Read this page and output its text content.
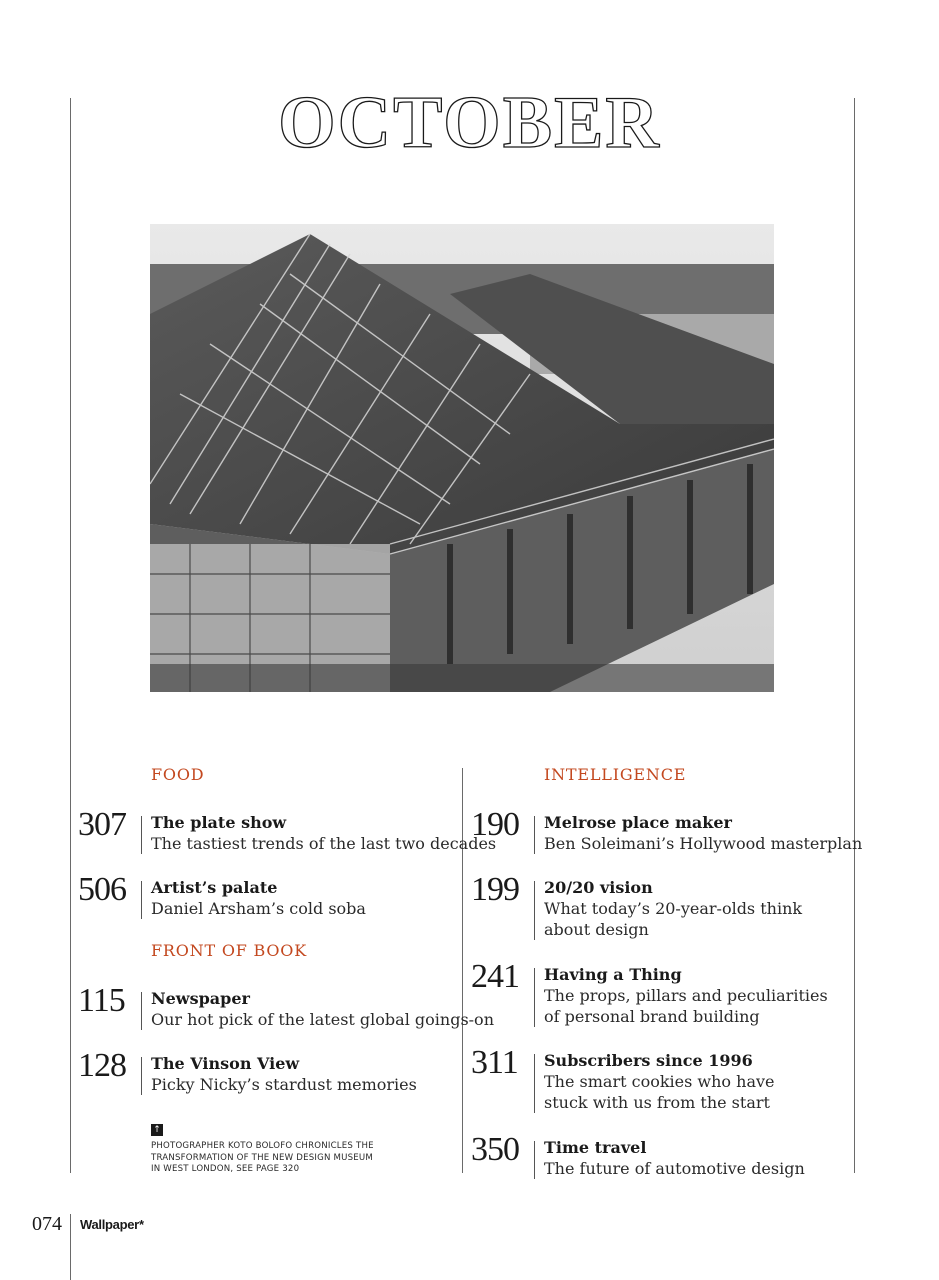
OCTOBER
FOOD
307 The plate show
The tastiest trends of the last two decades
506 Artist’s palate
Daniel Arsham’s cold soba
FRONT OF BOOK
115 Newspaper
Our hot pick of the latest global goings-on
128 The Vinson View
Picky Nicky’s stardust memories
↑
PHOTOGRAPHER KOTO BOLOFO CHRONICLES THE
TRANSFORMATION OF THE NEW DESIGN MUSEUM
IN WEST LONDON, SEE PAGE 320
INTELLIGENCE
190 Melrose place maker
Ben Soleimani’s Hollywood masterplan
199 20/20 vision
What today’s 20-year-olds think
about design
241 Having a Thing
The props, pillars and peculiarities
of personal brand building
311 Subscribers since 1996
The smart cookies who have
stuck with us from the start
350 Time travel
The future of automotive design
074 Wallpaper*
